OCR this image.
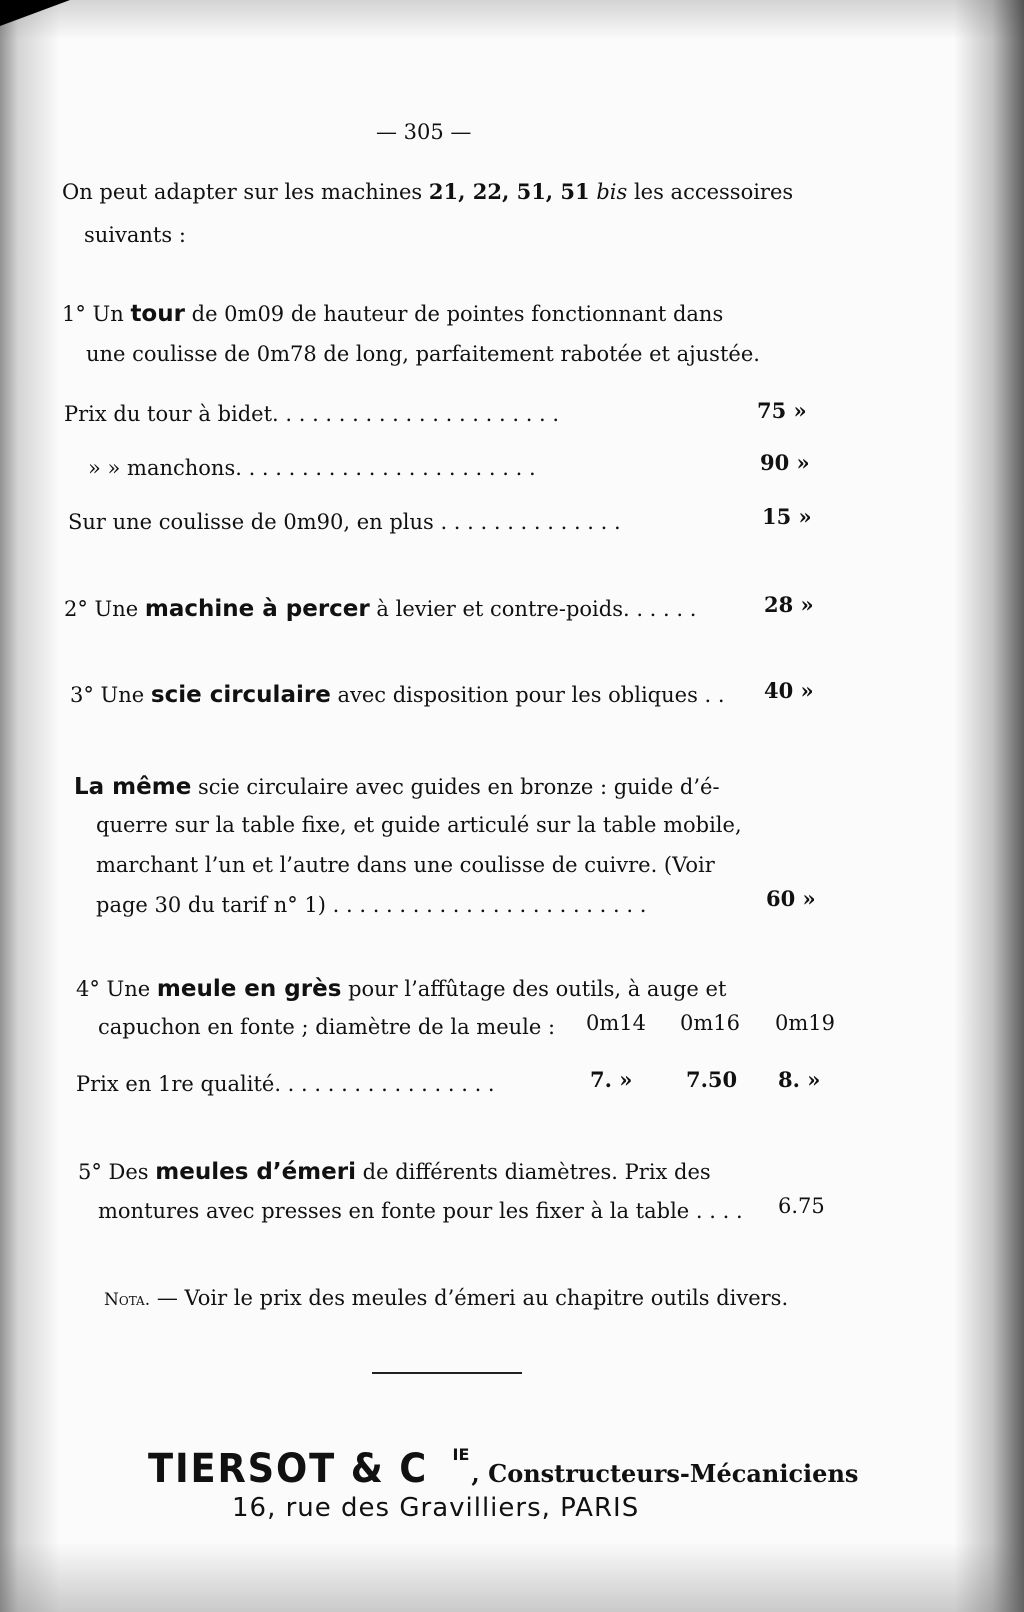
— 305 —
On peut adapter sur les machines 21, 22, 51, 51 bis les accessoires
suivants :
1° Un tour de 0m09 de hauteur de pointes fonctionnant dans
une coulisse de 0m78 de long, parfaitement rabotée et ajustée.
Prix du tour à bidet. . . . . . . . . . . . . . . . . . . . . .	75 »
» » manchons. . . . . . . . . . . . . . . . . . . . . . .	90 »
Sur une coulisse de 0m90, en plus . . . . . . . . . . . . . .	15 »
2° Une machine à percer à levier et contre-poids. . . . . .	28 »
3° Une scie circulaire avec disposition pour les obliques . . 40 »
La même scie circulaire avec guides en bronze : guide d’é-
querre sur la table fixe, et guide articulé sur la table mobile,
marchant l’un et l’autre dans une coulisse de cuivre. (Voir
page 30 du tarif n° 1) . . . . . . . . . . . . . . . . . . . . . . . .	60 »
4° Une meule en grès pour l’affûtage des outils, à auge et
capuchon en fonte ; diamètre de la meule : 0m14 0m16 0m19
Prix en 1re qualité. . . . . . . . . . . . . . . . .	7. »	7.50 8. »
5° Des meules d’émeri de différents diamètres. Prix des
montures avec presses en fonte pour les fixer à la table . . . . 6.75
Nota. — Voir le prix des meules d’émeri au chapitre outils divers.
TIERSOT & C IE, Constructeurs-Mécaniciens
16, rue des Gravilliers, PARIS
